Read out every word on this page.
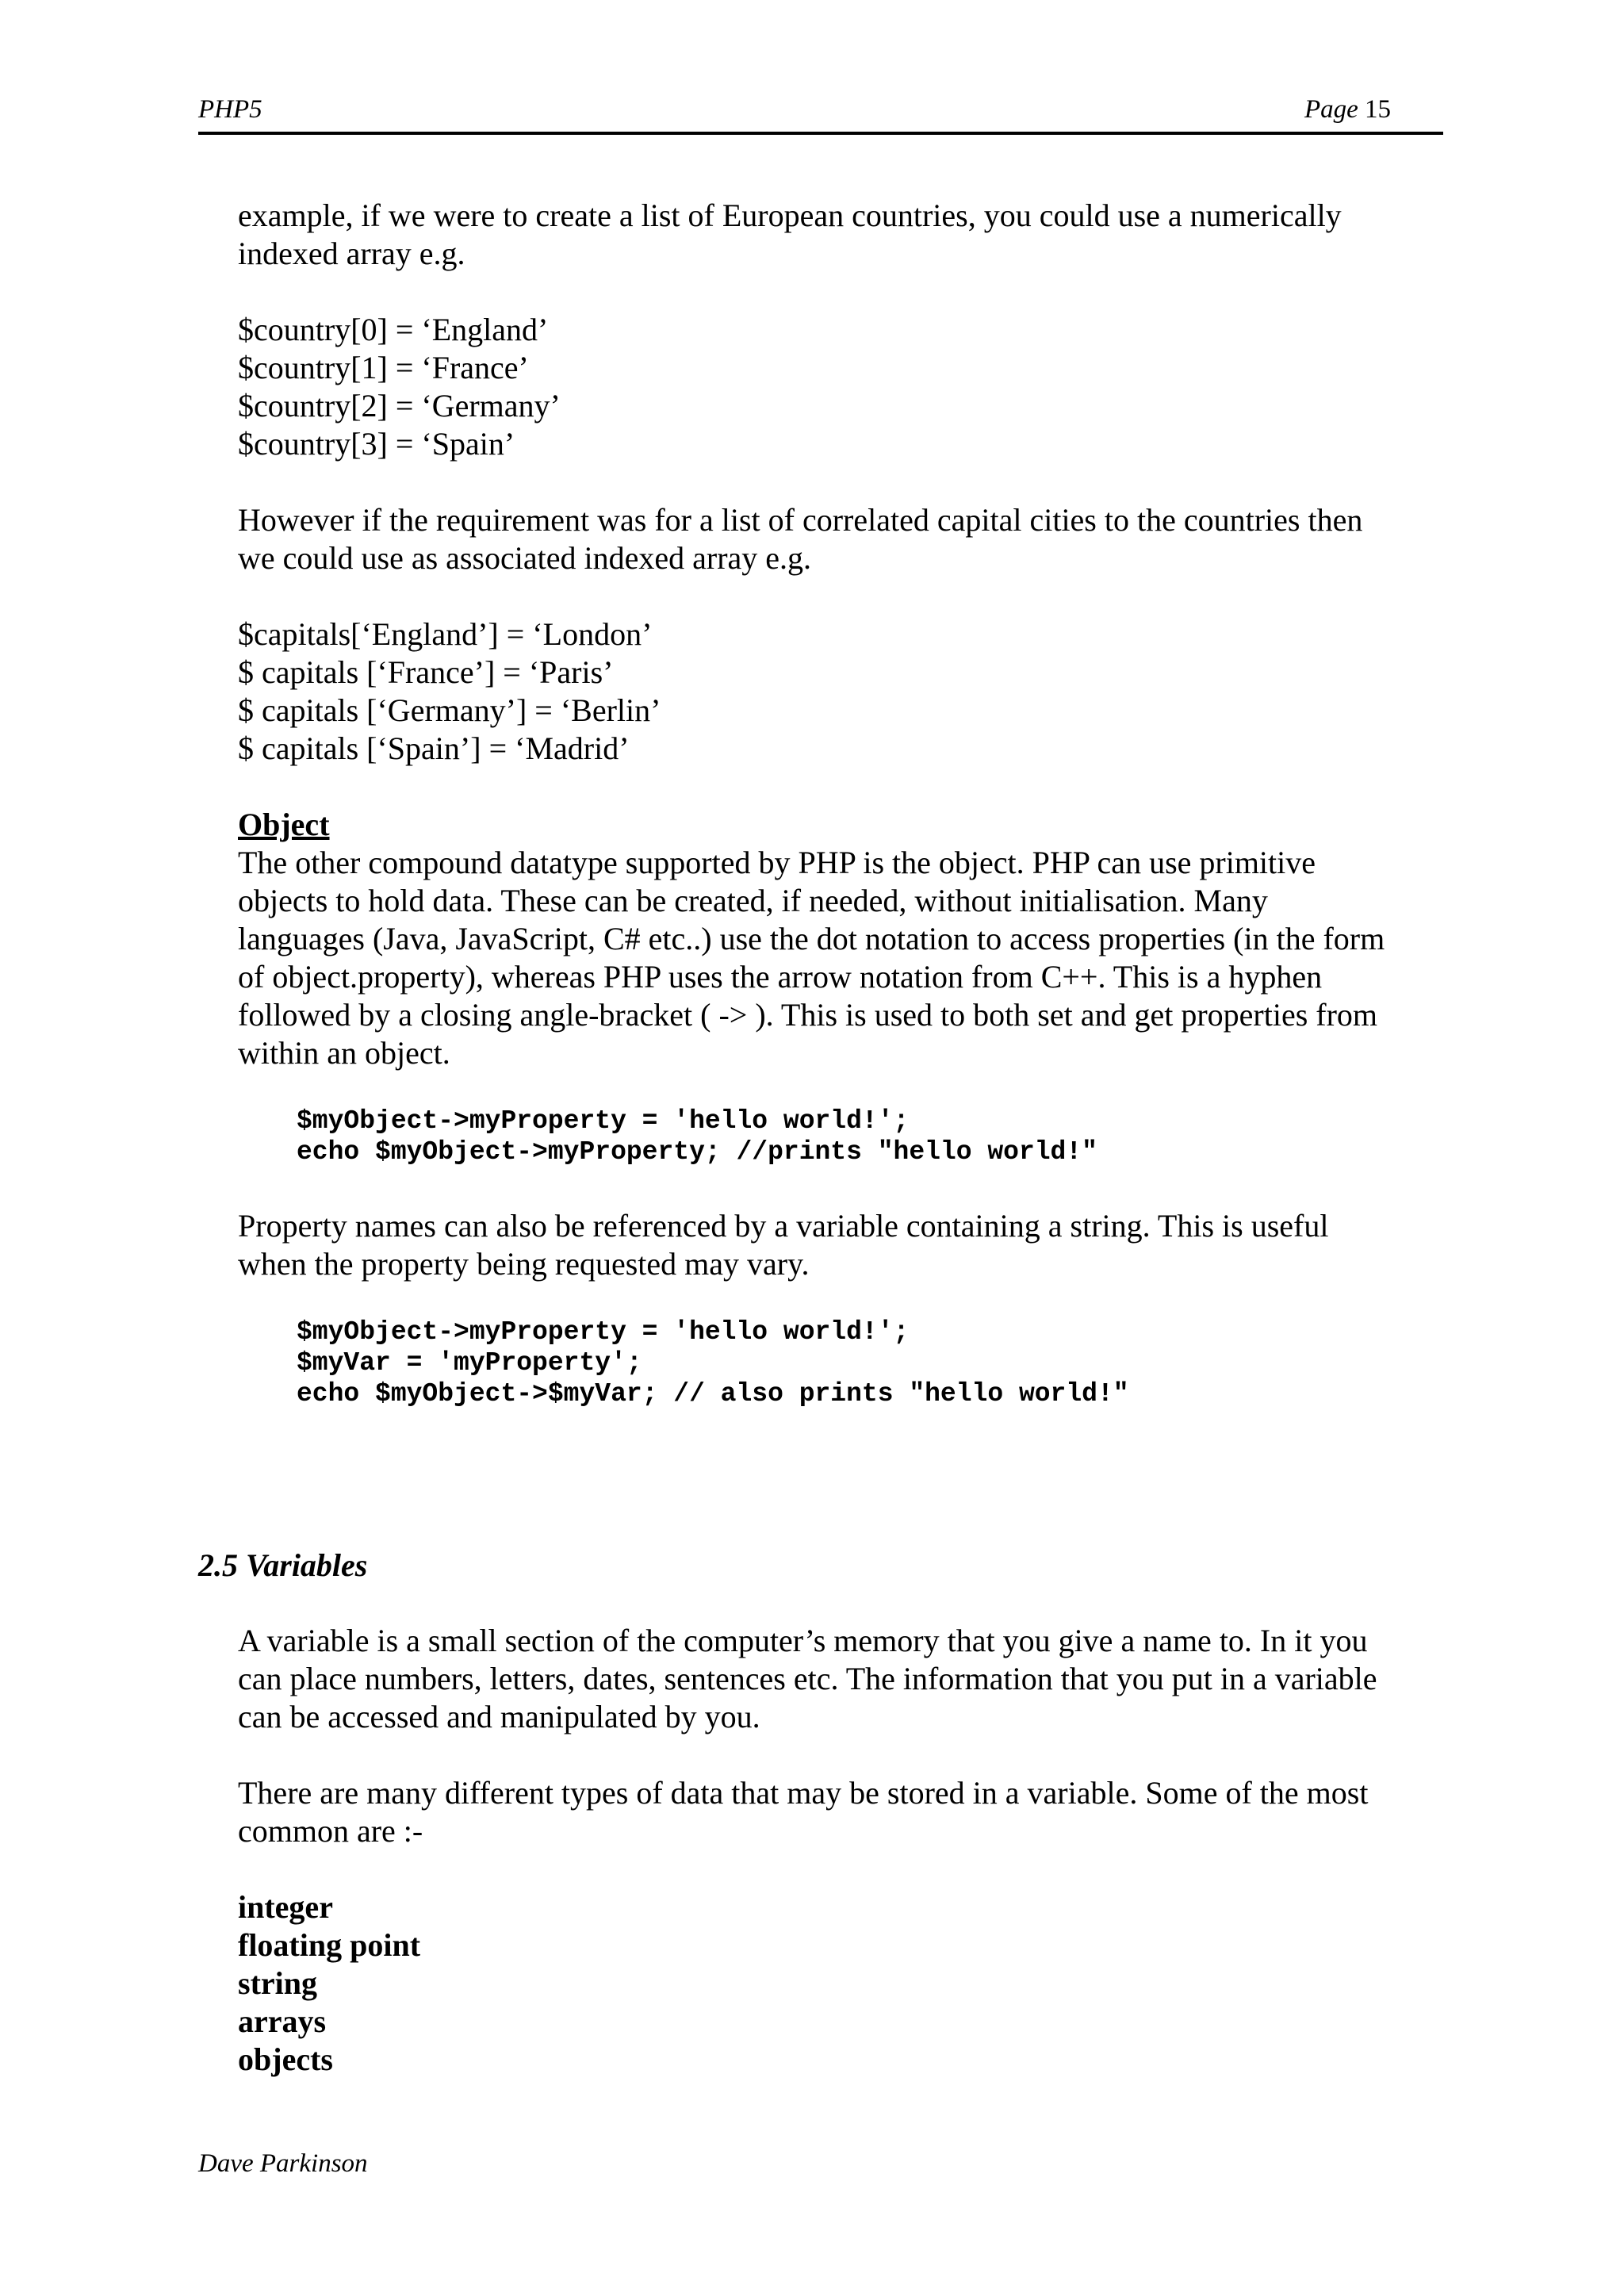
PHP5	Page 15

example, if we were to create a list of European countries, you could use a numerically

indexed array e.g.

$country[0] = ‘England’

$country[1] = ‘France’

$country[2] = ‘Germany’

$country[3] = ‘Spain’

However if the requirement was for a list of correlated capital cities to the countries then

we could use as associated indexed array e.g.

$capitals[‘England’] = ‘London’

$ capitals [‘France’] = ‘Paris’

$ capitals [‘Germany’] = ‘Berlin’

$ capitals [‘Spain’] = ‘Madrid’

Object

The other compound datatype supported by PHP is the object. PHP can use primitive

objects to hold data. These can be created, if needed, without initialisation. Many

languages (Java, JavaScript, C# etc..) use the dot notation to access properties (in the form

of object.property), whereas PHP uses the arrow notation from C++. This is a hyphen

followed by a closing angle-bracket ( -> ). This is used to both set and get properties from

within an object.

$myObject->myProperty = 'hello world!';
echo $myObject->myProperty; //prints "hello world!"

Property names can also be referenced by a variable containing a string. This is useful

when the property being requested may vary.

$myObject->myProperty = 'hello world!';
$myVar = 'myProperty';
echo $myObject->$myVar; // also prints "hello world!"
2.5 Variables

A variable is a small section of the computer’s memory that you give a name to. In it you

can place numbers, letters, dates, sentences etc. The information that you put in a variable

can be accessed and manipulated by you.

There are many different types of data that may be stored in a variable. Some of the most

common are :-

integer
floating point
string
arrays
objects
Dave Parkinson
